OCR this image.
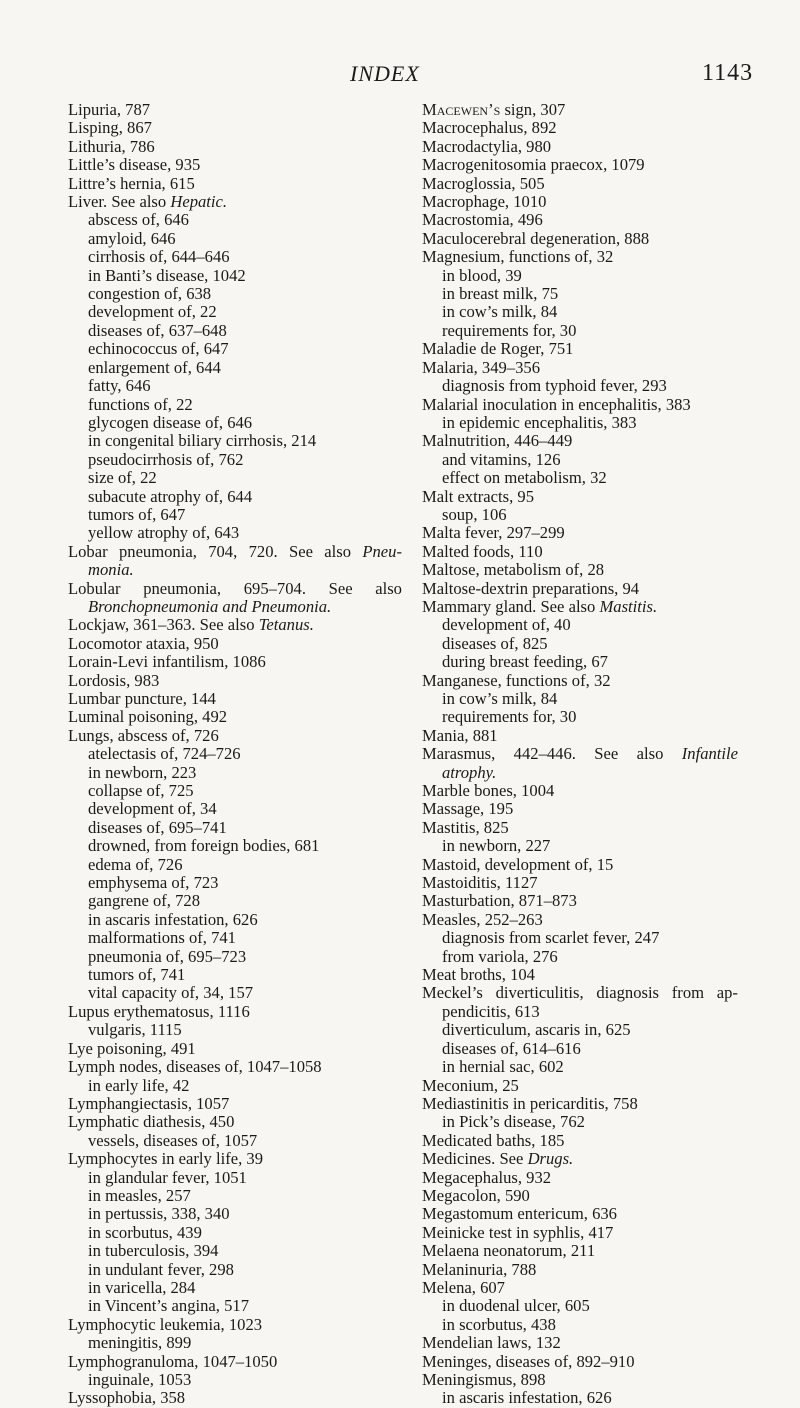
INDEX	1143
Lipuria, 787
Lisping, 867
Lithuria, 786
Little’s disease, 935
Littre’s hernia, 615
Liver. See also Hepatic.
abscess of, 646
amyloid, 646
cirrhosis of, 644–646
in Banti’s disease, 1042
congestion of, 638
development of, 22
diseases of, 637–648
echinococcus of, 647
enlargement of, 644
fatty, 646
functions of, 22
glycogen disease of, 646
in congenital biliary cirrhosis, 214
pseudocirrhosis of, 762
size of, 22
subacute atrophy of, 644
tumors of, 647
yellow atrophy of, 643
Lobar pneumonia, 704, 720. See also Pneu-
monia.
Lobular pneumonia, 695–704. See also
Bronchopneumonia and Pneumonia.
Lockjaw, 361–363. See also Tetanus.
Locomotor ataxia, 950
Lorain-Levi infantilism, 1086
Lordosis, 983
Lumbar puncture, 144
Luminal poisoning, 492
Lungs, abscess of, 726
atelectasis of, 724–726
in newborn, 223
collapse of, 725
development of, 34
diseases of, 695–741
drowned, from foreign bodies, 681
edema of, 726
emphysema of, 723
gangrene of, 728
in ascaris infestation, 626
malformations of, 741
pneumonia of, 695–723
tumors of, 741
vital capacity of, 34, 157
Lupus erythematosus, 1116
vulgaris, 1115
Lye poisoning, 491
Lymph nodes, diseases of, 1047–1058
in early life, 42
Lymphangiectasis, 1057
Lymphatic diathesis, 450
vessels, diseases of, 1057
Lymphocytes in early life, 39
in glandular fever, 1051
in measles, 257
in pertussis, 338, 340
in scorbutus, 439
in tuberculosis, 394
in undulant fever, 298
in varicella, 284
in Vincent’s angina, 517
Lymphocytic leukemia, 1023
meningitis, 899
Lymphogranuloma, 1047–1050
inguinale, 1053
Lyssophobia, 358
Macewen’s sign, 307
Macrocephalus, 892
Macrodactylia, 980
Macrogenitosomia praecox, 1079
Macroglossia, 505
Macrophage, 1010
Macrostomia, 496
Maculocerebral degeneration, 888
Magnesium, functions of, 32
in blood, 39
in breast milk, 75
in cow’s milk, 84
requirements for, 30
Maladie de Roger, 751
Malaria, 349–356
diagnosis from typhoid fever, 293
Malarial inoculation in encephalitis, 383
in epidemic encephalitis, 383
Malnutrition, 446–449
and vitamins, 126
effect on metabolism, 32
Malt extracts, 95
soup, 106
Malta fever, 297–299
Malted foods, 110
Maltose, metabolism of, 28
Maltose-dextrin preparations, 94
Mammary gland. See also Mastitis.
development of, 40
diseases of, 825
during breast feeding, 67
Manganese, functions of, 32
in cow’s milk, 84
requirements for, 30
Mania, 881
Marasmus, 442–446. See also Infantile
atrophy.
Marble bones, 1004
Massage, 195
Mastitis, 825
in newborn, 227
Mastoid, development of, 15
Mastoiditis, 1127
Masturbation, 871–873
Measles, 252–263
diagnosis from scarlet fever, 247
from variola, 276
Meat broths, 104
Meckel’s diverticulitis, diagnosis from ap-
pendicitis, 613
diverticulum, ascaris in, 625
diseases of, 614–616
in hernial sac, 602
Meconium, 25
Mediastinitis in pericarditis, 758
in Pick’s disease, 762
Medicated baths, 185
Medicines. See Drugs.
Megacephalus, 932
Megacolon, 590
Megastomum entericum, 636
Meinicke test in syphlis, 417
Melaena neonatorum, 211
Melaninuria, 788
Melena, 607
in duodenal ulcer, 605
in scorbutus, 438
Mendelian laws, 132
Meninges, diseases of, 892–910
Meningismus, 898
in ascaris infestation, 626
